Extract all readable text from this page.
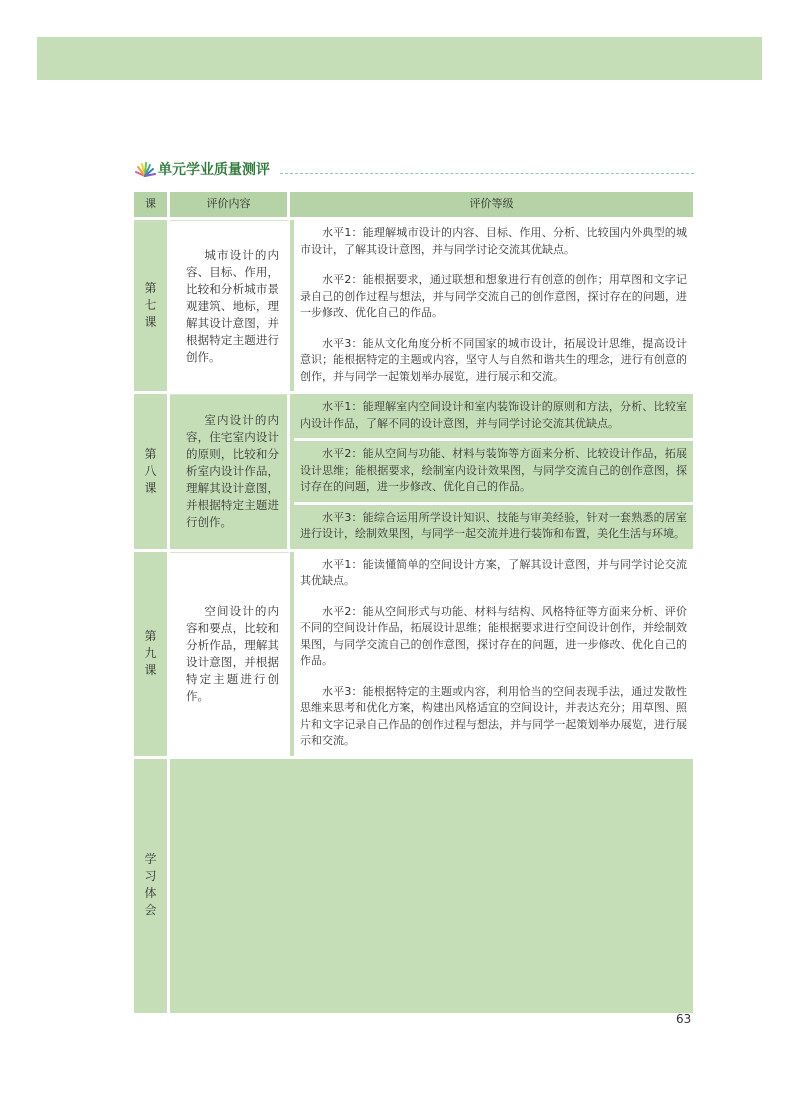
单元学业质量测评
课	评价内容	评价等级
第七课	城市设计的内容、目标、作用，比较和分析城市景观建筑、地标，理解其设计意图，并根据特定主题进行创作。	水平1：能理解城市设计的内容、目标、作用、分析、比较国内外典型的城市设计，了解其设计意图，并与同学讨论交流其优缺点。
水平2：能根据要求，通过联想和想象进行有创意的创作；用草图和文字记录自己的创作过程与想法，并与同学交流自己的创作意图，探讨存在的问题，进一步修改、优化自己的作品。
水平3：能从文化角度分析不同国家的城市设计，拓展设计思维，提高设计意识；能根据特定的主题或内容，坚守人与自然和谐共生的理念，进行有创意的创作，并与同学一起策划举办展览，进行展示和交流。

第八课	室内设计的内容，住宅室内设计的原则，比较和分析室内设计作品，理解其设计意图，并根据特定主题进行创作。	水平1：能理解室内空间设计和室内装饰设计的原则和方法，分析、比较室内设计作品，了解不同的设计意图，并与同学讨论交流其优缺点。
水平2：能从空间与功能、材料与装饰等方面来分析、比较设计作品，拓展设计思维；能根据要求，绘制室内设计效果图，与同学交流自己的创作意图，探讨存在的问题，进一步修改、优化自己的作品。
水平3：能综合运用所学设计知识、技能与审美经验，针对一套熟悉的居室进行设计，绘制效果图，与同学一起交流并进行装饰和布置，美化生活与环境。

第九课	空间设计的内容和要点，比较和分析作品，理解其设计意图，并根据特定主题进行创作。	水平1：能读懂简单的空间设计方案，了解其设计意图，并与同学讨论交流其优缺点。
水平2：能从空间形式与功能、材料与结构、风格特征等方面来分析、评价不同的空间设计作品，拓展设计思维；能根据要求进行空间设计创作，并绘制效果图，与同学交流自己的创作意图，探讨存在的问题，进一步修改、优化自己的作品。
水平3：能根据特定的主题或内容，利用恰当的空间表现手法，通过发散性思维来思考和优化方案，构建出风格适宜的空间设计，并表达充分；用草图、照片和文字记录自己作品的创作过程与想法，并与同学一起策划举办展览，进行展示和交流。

学习体会		
63
